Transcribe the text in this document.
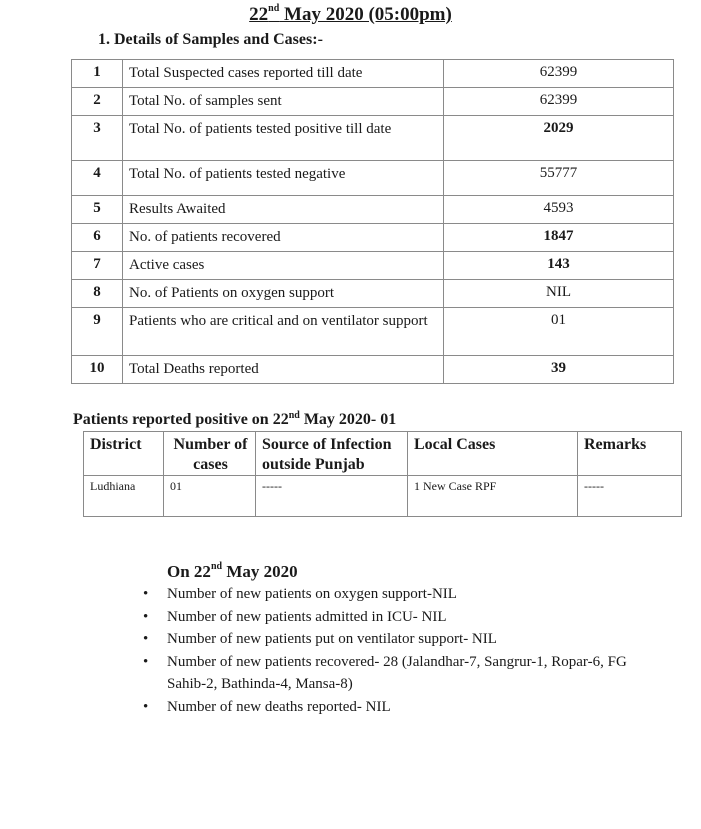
22nd May 2020 (05:00pm)
1. Details of Samples and Cases:-
1	Total Suspected cases reported till date	62399
2	Total No. of samples sent	62399
3	Total No. of patients tested positive till date	2029
4	Total No. of patients tested negative	55777
5	Results Awaited	4593
6	No. of patients recovered	1847
7	Active cases	143
8	No. of Patients on oxygen support	NIL
9	Patients who are critical and on ventilator support	01
10	Total Deaths reported	39
Patients reported positive on 22nd May 2020- 01
District	Number of cases	Source of Infection outside Punjab	Local Cases	Remarks
Ludhiana	01	-----	1 New Case RPF	-----
On 22nd May 2020
• Number of new patients on oxygen support-NIL
• Number of new patients admitted in ICU- NIL
• Number of new patients put on ventilator support- NIL
• Number of new patients recovered- 28 (Jalandhar-7, Sangrur-1, Ropar-6, FG Sahib-2, Bathinda-4, Mansa-8)
• Number of new deaths reported- NIL
